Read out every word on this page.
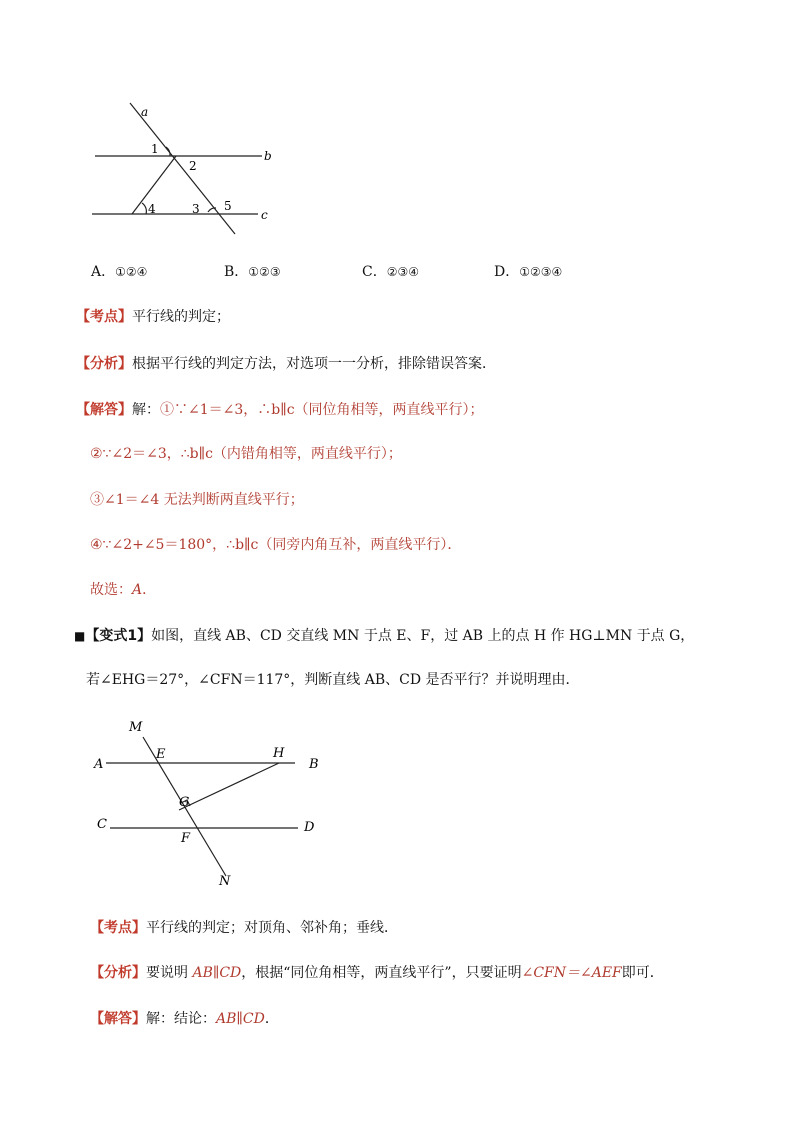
a
b
c
1
2
3
4	5
A．①②④	B．①②③	C．②③④	D．①②③④
【考点】平行线的判定；
【分析】根据平行线的判定方法，对选项一一分析，排除错误答案．
【解答】解：①∵∠1＝∠3，∴b∥c（同位角相等，两直线平行）；
②∵∠2＝∠3，∴b∥c（内错角相等，两直线平行）；
③∠1＝∠4 无法判断两直线平行；
④∵∠2+∠5＝180°，∴b∥c（同旁内角互补，两直线平行）．
故选：A．
■【变式1】如图，直线 AB、CD 交直线 MN 于点 E、F，过 AB 上的点 H 作 HG⊥MN 于点 G，
若∠EHG＝27°，∠CFN＝117°，判断直线 AB、CD 是否平行？并说明理由．
M
E	H
A	B
G
C	D
F
N
【考点】平行线的判定；对顶角、邻补角；垂线．
【分析】要说明 AB∥CD，根据“同位角相等，两直线平行”，只要证明∠CFN＝∠AEF即可．
【解答】解：结论：AB∥CD．
